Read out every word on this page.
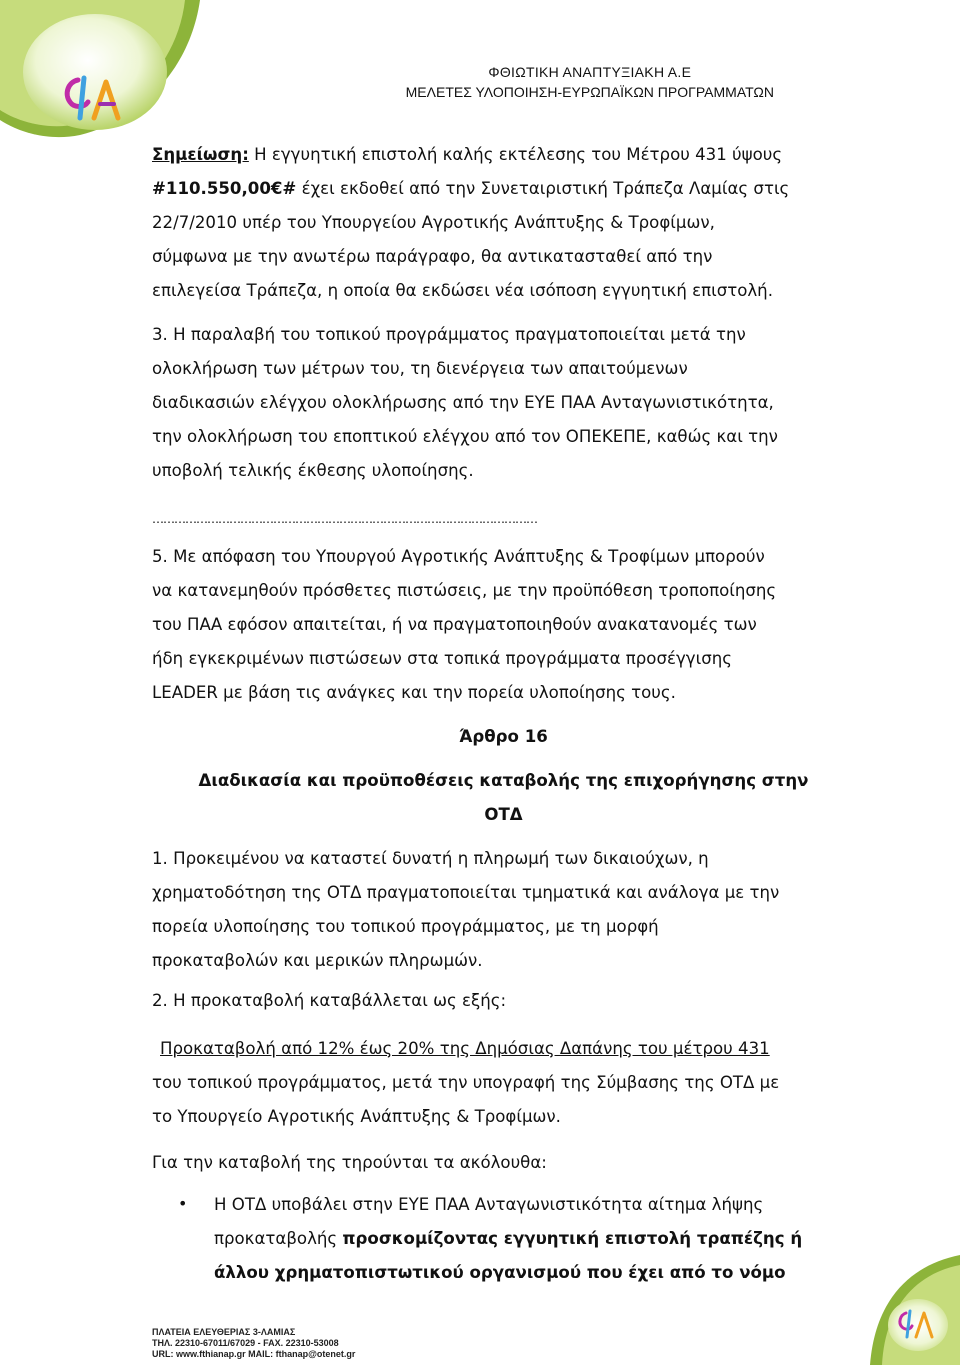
ΦΘΙΩΤΙΚΗ ΑΝΑΠΤΥΞΙΑΚΗ Α.Ε
ΜΕΛΕΤΕΣ ΥΛΟΠΟΙΗΣΗ-ΕΥΡΩΠΑΪΚΩΝ ΠΡΟΓΡΑΜΜΑΤΩΝ

Σημείωση: Η εγγυητική επιστολή καλής εκτέλεσης του Μέτρου 431 ύψους

#110.550,00€# έχει εκδοθεί από την Συνεταιριστική Τράπεζα Λαμίας στις

22/7/2010 υπέρ του Υπουργείου Αγροτικής Ανάπτυξης & Τροφίμων,

σύμφωνα με την ανωτέρω παράγραφο, θα αντικατασταθεί από την

επιλεγείσα Τράπεζα, η οποία θα εκδώσει νέα ισόποση εγγυητική επιστολή.

3. Η παραλαβή του τοπικού προγράμματος πραγματοποιείται μετά την

ολοκλήρωση των μέτρων του, τη διενέργεια των απαιτούμενων

διαδικασιών ελέγχου ολοκλήρωσης από την ΕΥΕ ΠΑΑ Ανταγωνιστικότητα,

την ολοκλήρωση του εποπτικού ελέγχου από τον ΟΠΕΚΕΠΕ, καθώς και την

υποβολή τελικής έκθεσης υλοποίησης.

……………………………………………………………………………………………

5. Με απόφαση του Υπουργού Αγροτικής Ανάπτυξης & Τροφίμων μπορούν

να κατανεμηθούν πρόσθετες πιστώσεις, με την προϋπόθεση τροποποίησης

του ΠΑΑ εφόσον απαιτείται, ή να πραγματοποιηθούν ανακατανομές των

ήδη εγκεκριμένων πιστώσεων στα τοπικά προγράμματα προσέγγισης

LEADER με βάση τις ανάγκες και την πορεία υλοποίησης τους.

Άρθρο 16
Διαδικασία και προϋποθέσεις καταβολής της επιχορήγησης στην
ΟΤΔ

1. Προκειμένου να καταστεί δυνατή η πληρωμή των δικαιούχων, η

χρηματοδότηση της ΟΤΔ πραγματοποιείται τμηματικά και ανάλογα με την

πορεία υλοποίησης του τοπικού προγράμματος, με τη μορφή

προκαταβολών και μερικών πληρωμών.

2. Η προκαταβολή καταβάλλεται ως εξής:

Προκαταβολή από 12% έως 20% της Δημόσιας Δαπάνης του μέτρου 431

του τοπικού προγράμματος, μετά την υπογραφή της Σύμβασης της ΟΤΔ με

το Υπουργείο Αγροτικής Ανάπτυξης & Τροφίμων.

Για την καταβολή της τηρούνται τα ακόλουθα:
• Η ΟΤΔ υποβάλει στην ΕΥΕ ΠΑΑ Ανταγωνιστικότητα αίτημα λήψης

προκαταβολής προσκομίζοντας εγγυητική επιστολή τραπέζης ή

άλλου χρηματοπιστωτικού οργανισμού που έχει από το νόμο

ΠΛΑΤΕΙΑ ΕΛΕΥΘΕΡΙΑΣ 3-ΛΑΜΙΑΣ
ΤΗΛ. 22310-67011/67029 - FAX. 22310-53008
URL: www.fthianap.gr MAIL: fthanap@otenet.gr
